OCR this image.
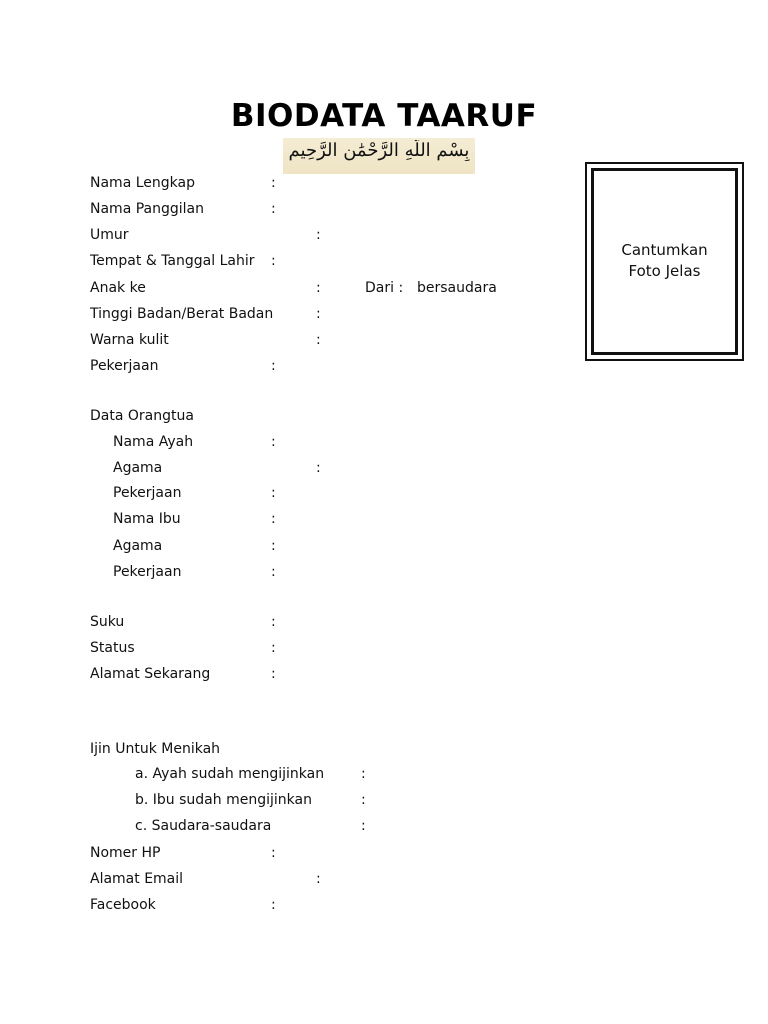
BIODATA TAARUF
بِسْمِ اللَّهِ الرَّحْمَٰنِ الرَّحِيمِ
Nama Lengkap	:
Nama Panggilan	:
Umur	:
Tempat & Tanggal Lahir :
Anak ke	:	Dari : bersaudara
Tinggi Badan/Berat Badan	:
Warna kulit	:
Pekerjaan	:
Cantumkan
Foto Jelas
Data Orangtua
Nama Ayah	:
Agama	:
Pekerjaan	:
Nama Ibu	:
Agama	:
Pekerjaan	:
Suku	:
Status	:
Alamat Sekarang	:
Ijin Untuk Menikah
a. Ayah sudah mengijinkan	:
b. Ibu sudah mengijinkan	:
c. Saudara-saudara	:
Nomer HP	:
Alamat Email	:
Facebook	:
